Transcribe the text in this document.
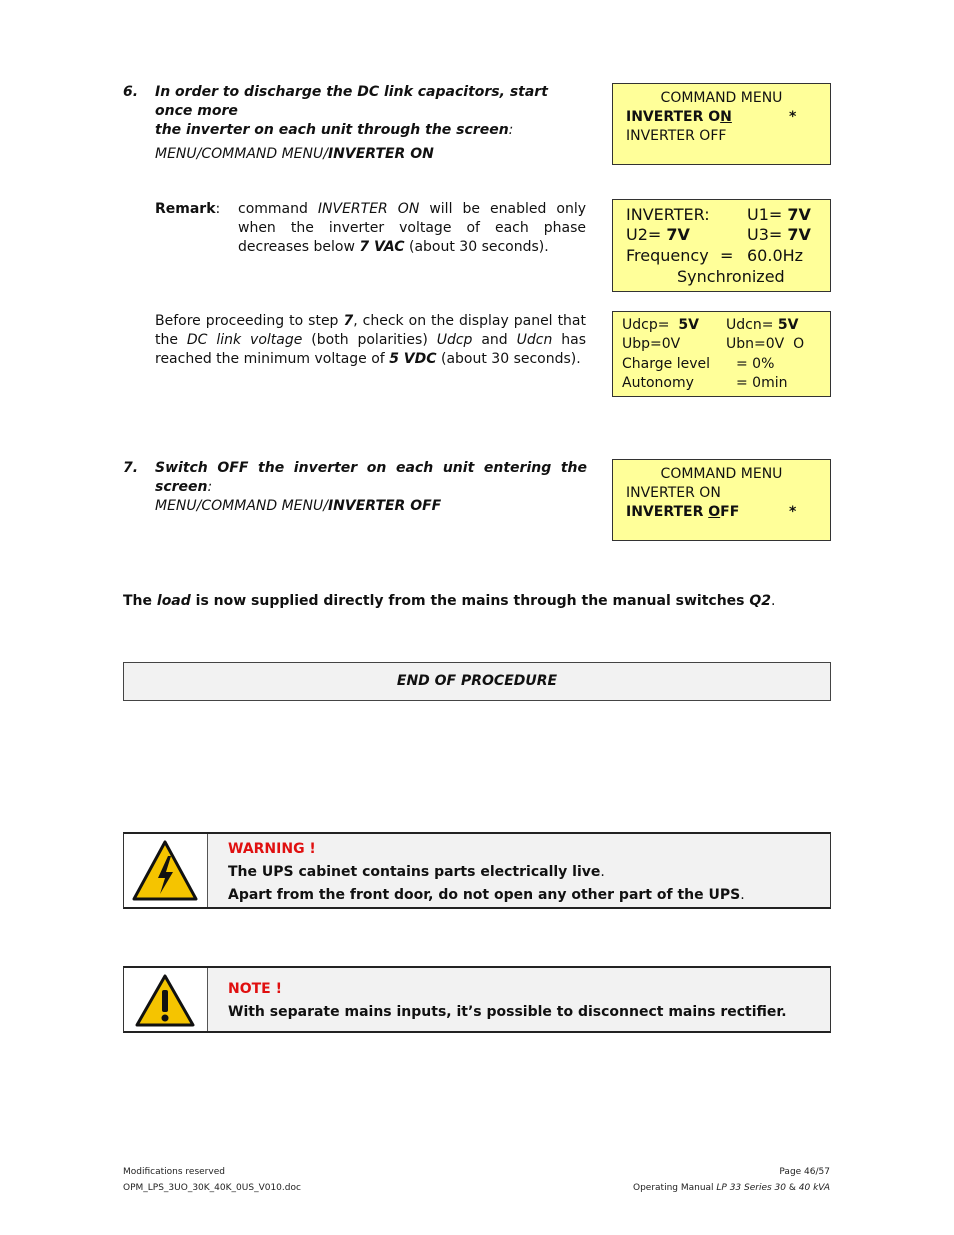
6. In order to discharge the DC link capacitors, start once more
the inverter on each unit through the screen:
MENU/COMMAND MENU/INVERTER ON
COMMAND MENU
INVERTER ON	*
INVERTER OFF
Remark: command INVERTER ON will be enabled only when the inverter voltage of each phase decreases below 7 VAC (about 30 seconds).
INVERTER: U1= 7V
U2= 7V	U3= 7V
Frequency = 60.0Hz
Synchronized
Before proceeding to step 7, check on the display panel that the DC link voltage (both polarities) Udcp and Udcn has reached the minimum voltage of 5 VDC (about 30 seconds).
Udcp= 5V Udcn= 5V
Ubp=0V	Ubn=0V O
Charge level = 0%
Autonomy	= 0min
7. Switch OFF the inverter on each unit entering the screen:
MENU/COMMAND MENU/INVERTER OFF
COMMAND MENU
INVERTER ON
INVERTER OFF	*
The load is now supplied directly from the mains through the manual switches Q2.
END OF PROCEDURE
WARNING !
The UPS cabinet contains parts electrically live.
Apart from the front door, do not open any other part of the UPS.
NOTE !
With separate mains inputs, it’s possible to disconnect mains rectifier.
Modifications reserved
OPM_LPS_3UO_30K_40K_0US_V010.doc
Page 46/57
Operating Manual LP 33 Series 30 & 40 kVA
